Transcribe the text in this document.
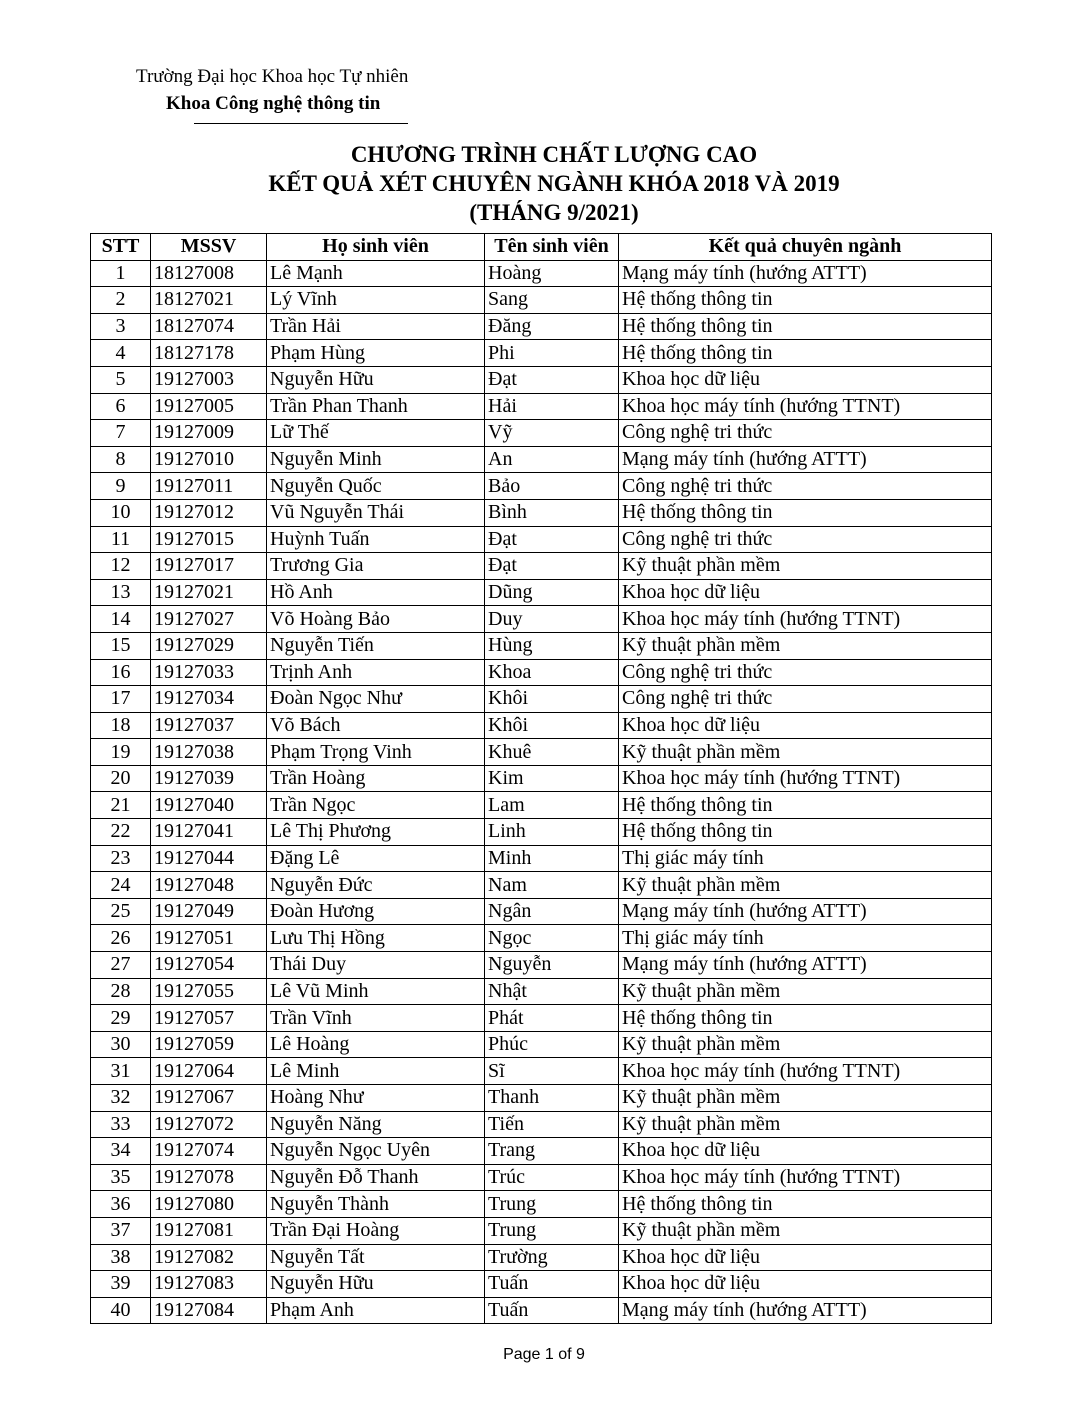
Trường Đại học Khoa học Tự nhiên
Khoa Công nghệ thông tin
CHƯƠNG TRÌNH CHẤT LƯỢNG CAO
KẾT QUẢ XÉT CHUYÊN NGÀNH KHÓA 2018 VÀ 2019
(THÁNG 9/2021)
STT	MSSV	Họ sinh viên	Tên sinh viên	Kết quả chuyên ngành
1	18127008	Lê Mạnh	Hoàng	Mạng máy tính (hướng ATTT)
2	18127021	Lý Vĩnh	Sang	Hệ thống thông tin
3	18127074	Trần Hải	Đăng	Hệ thống thông tin
4	18127178	Phạm Hùng	Phi	Hệ thống thông tin
5	19127003	Nguyễn Hữu	Đạt	Khoa học dữ liệu
6	19127005	Trần Phan Thanh	Hải	Khoa học máy tính (hướng TTNT)
7	19127009	Lữ Thế	Vỹ	Công nghệ tri thức
8	19127010	Nguyễn Minh	An	Mạng máy tính (hướng ATTT)
9	19127011	Nguyễn Quốc	Bảo	Công nghệ tri thức
10	19127012	Vũ Nguyễn Thái	Bình	Hệ thống thông tin
11	19127015	Huỳnh Tuấn	Đạt	Công nghệ tri thức
12	19127017	Trương Gia	Đạt	Kỹ thuật phần mềm
13	19127021	Hồ Anh	Dũng	Khoa học dữ liệu
14	19127027	Võ Hoàng Bảo	Duy	Khoa học máy tính (hướng TTNT)
15	19127029	Nguyễn Tiến	Hùng	Kỹ thuật phần mềm
16	19127033	Trịnh Anh	Khoa	Công nghệ tri thức
17	19127034	Đoàn Ngọc Như	Khôi	Công nghệ tri thức
18	19127037	Võ Bách	Khôi	Khoa học dữ liệu
19	19127038	Phạm Trọng Vinh	Khuê	Kỹ thuật phần mềm
20	19127039	Trần Hoàng	Kim	Khoa học máy tính (hướng TTNT)
21	19127040	Trần Ngọc	Lam	Hệ thống thông tin
22	19127041	Lê Thị Phương	Linh	Hệ thống thông tin
23	19127044	Đặng Lê	Minh	Thị giác máy tính
24	19127048	Nguyễn Đức	Nam	Kỹ thuật phần mềm
25	19127049	Đoàn Hương	Ngân	Mạng máy tính (hướng ATTT)
26	19127051	Lưu Thị Hồng	Ngọc	Thị giác máy tính
27	19127054	Thái Duy	Nguyễn	Mạng máy tính (hướng ATTT)
28	19127055	Lê Vũ Minh	Nhật	Kỹ thuật phần mềm
29	19127057	Trần Vĩnh	Phát	Hệ thống thông tin
30	19127059	Lê Hoàng	Phúc	Kỹ thuật phần mềm
31	19127064	Lê Minh	Sĩ	Khoa học máy tính (hướng TTNT)
32	19127067	Hoàng Như	Thanh	Kỹ thuật phần mềm
33	19127072	Nguyễn Năng	Tiến	Kỹ thuật phần mềm
34	19127074	Nguyễn Ngọc Uyên	Trang	Khoa học dữ liệu
35	19127078	Nguyễn Đỗ Thanh	Trúc	Khoa học máy tính (hướng TTNT)
36	19127080	Nguyễn Thành	Trung	Hệ thống thông tin
37	19127081	Trần Đại Hoàng	Trung	Kỹ thuật phần mềm
38	19127082	Nguyễn Tất	Trường	Khoa học dữ liệu
39	19127083	Nguyễn Hữu	Tuấn	Khoa học dữ liệu
40	19127084	Phạm Anh	Tuấn	Mạng máy tính (hướng ATTT)
Page 1 of 9
